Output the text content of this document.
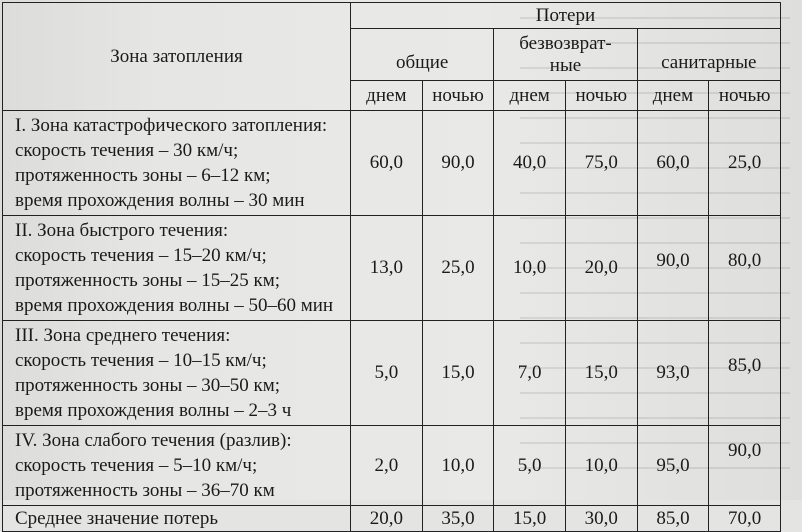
Зона затопления	Потери					
	общие		безвозврат-ные		санитарные	
	днем	ночью	днем	ночью	днем	ночью

I. Зона катастрофического затопления:
скорость течения – 30 км/ч;
протяженность зоны – 6–12 км;
время прохождения волны – 30 мин	60,0	90,0	40,0	75,0	60,0	25,0

II. Зона быстрого течения:
скорость течения – 15–20 км/ч;
протяженность зоны – 15–25 км;
время прохождения волны – 50–60 мин	13,0	25,0	10,0	20,0	90,0	80,0

III. Зона среднего течения:
скорость течения – 10–15 км/ч;
протяженность зоны – 30–50 км;
время прохождения волны – 2–3 ч	5,0	15,0	7,0	15,0	93,0	85,0

IV. Зона слабого течения (разлив):
скорость течения – 5–10 км/ч;
протяженность зоны – 36–70 км	2,0	10,0	5,0	10,0	95,0	90,0
Среднее значение потерь	20,0	35,0	15,0	30,0	85,0	70,0
